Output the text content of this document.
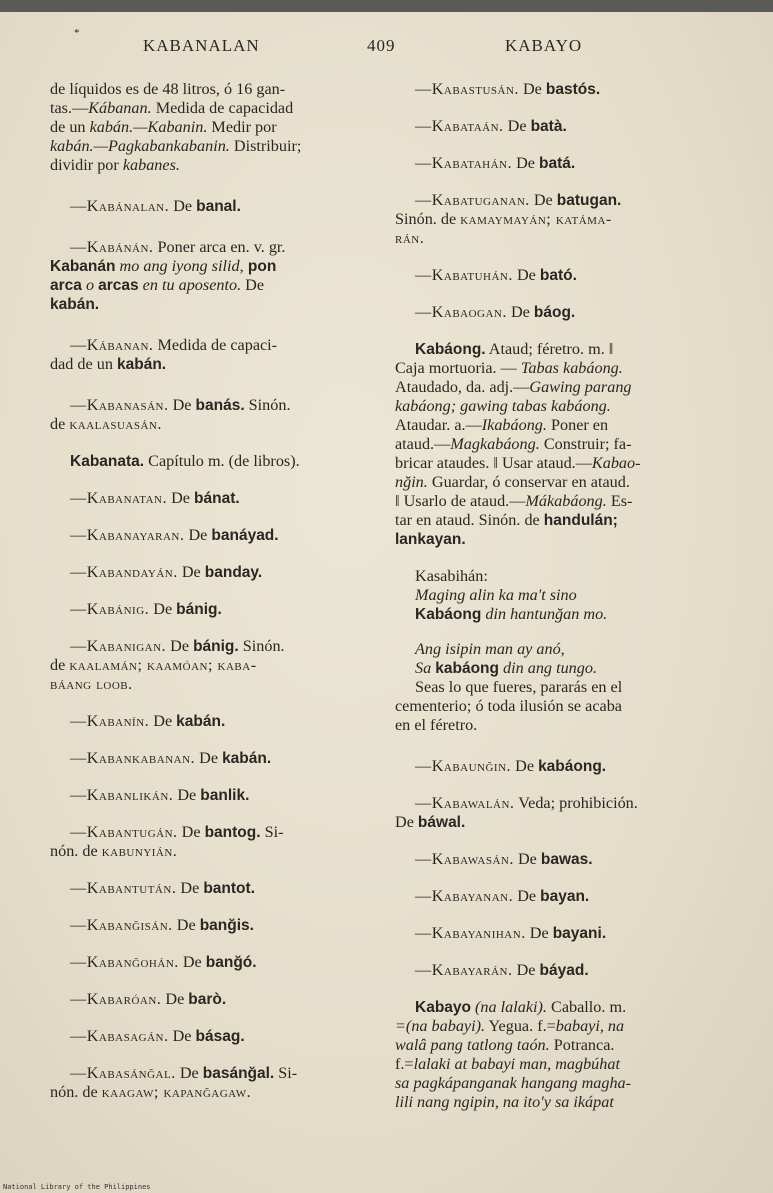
*
KABANALAN	409	KABAYO
de líquidos es de 48 litros, ó 16 gan-
tas.—Kábanan. Medida de capacidad
de un kabán.—Kabanin. Medir por
kabán.—Pagkabankabanin. Distribuir;
dividir por kabanes.
—Kabánalan. De banal.
—Kabánán. Poner arca en. v. gr.
Kabanán mo ang iyong silid, pon
arca o arcas en tu aposento. De
kabán.
—Kábanan. Medida de capaci-
dad de un kabán.
—Kabanasán. De banás. Sinón.
de kaalasuasán.
Kabanata. Capítulo m. (de libros).
—Kabanatan. De bánat.
—Kabanayaran. De banáyad.
—Kabandayán. De banday.
—Kabánig. De bánig.
—Kabanigan. De bánig. Sinón.
de kaalamán; kaamóan; kaba-
báang loob.
—Kabanín. De kabán.
—Kabankabanan. De kabán.
—Kabanlikán. De banlik.
—Kabantugán. De bantog. Si-
nón. de kabunyián.
—Kabantután. De bantot.
—Kabanğisán. De banğis.
—Kabanğohán. De banğó.
—Kabaróan. De barò.
—Kabasagán. De básag.
—Kabasánğal. De basánğal. Si-
nón. de kaagaw; kapanğagaw.
—Kabastusán. De bastós.
—Kabataán. De batà.
—Kabatahán. De batá.
—Kabatuganan. De batugan.
Sinón. de kamaymayán; katáma-
rán.
—Kabatuhán. De bató.
—Kabaogan. De báog.
Kabáong. Ataud; féretro. m. ‖
Caja mortuoria. — Tabas kabáong.
Ataudado, da. adj.—Gawing parang
kabáong; gawing tabas kabáong.
Ataudar. a.—Ikabáong. Poner en
ataud.—Magkabáong. Construir; fa-
bricar ataudes. ‖ Usar ataud.—Kabao-
nğin. Guardar, ó conservar en ataud.
‖ Usarlo de ataud.—Mákabáong. Es-
tar en ataud. Sinón. de handulán;
lankayan.
Kasabihán:
Maging alin ka ma't sino
Kabáong din hantunğan mo.
Ang isipin man ay anó,
Sa kabáong din ang tungo.
Seas lo que fueres, pararás en el
cementerio; ó toda ilusión se acaba
en el féretro.
—Kabaunğin. De kabáong.
—Kabawalán. Veda; prohibición.
De báwal.
—Kabawasán. De bawas.
—Kabayanan. De bayan.
—Kabayanihan. De bayani.
—Kabayarán. De báyad.
Kabayo (na lalaki). Caballo. m.
=(na babayi). Yegua. f.=babayi, na
walâ pang tatlong taón. Potranca.
f.=lalaki at babayi man, magbúhat
sa pagkápanganak hangang magha-
lili nang ngipin, na ito'y sa ikápat
National Library of the Philippines
